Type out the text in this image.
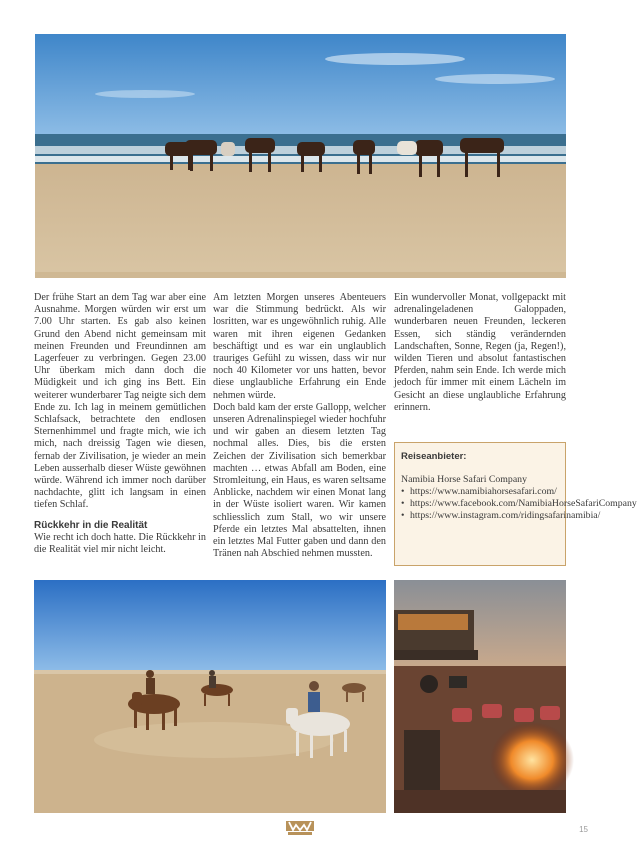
Der frühe Start an dem Tag war aber eine Ausnahme. Morgen würden wir erst um 7.00 Uhr starten. Es gab also keinen Grund den Abend nicht gemeinsam mit meinen Freunden und Freundinnen am Lagerfeuer zu verbringen. Gegen 23.00 Uhr überkam mich dann doch die Müdigkeit und ich ging ins Bett. Ein weiterer wunderbarer Tag neigte sich dem Ende zu. Ich lag in meinem gemütlichen Schlafsack, betrachtete den endlosen Sternenhimmel und fragte mich, wie ich mich, nach dreissig Tagen wie diesen, fernab der Zivilisation, je wieder an mein Leben ausserhalb dieser Wüste gewöhnen würde. Während ich immer noch darüber nachdachte, glitt ich langsam in einen tiefen Schlaf.

Rückkehr in die Realität

Wie recht ich doch hatte. Die Rückkehr in die Realität viel mir nicht leicht.

Am letzten Morgen unseres Abenteuers war die Stimmung bedrückt. Als wir losritten, war es ungewöhnlich ruhig. Alle waren mit ihren eigenen Gedanken beschäftigt und es war ein unglaublich trauriges Gefühl zu wissen, dass wir nur noch 40 Kilometer vor uns hatten, bevor diese unglaubliche Erfahrung ein Ende nehmen würde.

Doch bald kam der erste Gallopp, welcher unseren Adrenalinspiegel wieder hochfuhr und wir gaben an diesem letzten Tag nochmal alles. Dies, bis die ersten Zeichen der Zivilisation sich bemerkbar machten … etwas Abfall am Boden, eine Stromleitung, ein Haus, es waren seltsame Anblicke, nachdem wir einen Monat lang in der Wüste isoliert waren. Wir kamen schliesslich zum Stall, wo wir unsere Pferde ein letztes Mal absattelten, ihnen ein letztes Mal Futter gaben und dann den Tränen nah Abschied nehmen mussten.

Ein wundervoller Monat, vollgepackt mit adrenalingeladenen Galoppaden, wunderbaren neuen Freunden, leckeren Essen, sich ständig verändernden Landschaften, Sonne, Regen (ja, Regen!), wilden Tieren und absolut fantastischen Pferden, nahm sein Ende. Ich werde mich jedoch für immer mit einem Lächeln im Gesicht an diese unglaubliche Erfahrung erinnern.

Reiseanbieter:
Namibia Horse Safari Company
• https://www.namibiahorsesafari.com/
• https://www.facebook.com/NamibiaHorseSafariCompany
• https://www.instagram.com/ridingsafarinamibia/
15
